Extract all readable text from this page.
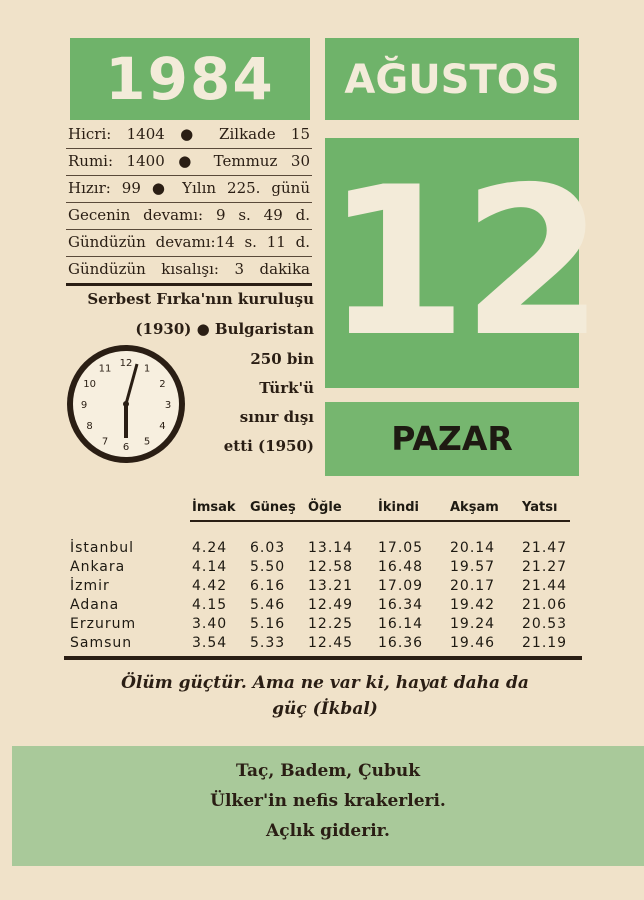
1984	AĞUSTOS
12
PAZAR
Hicri: 1404 ● Zilkade 15
Rumi: 1400 ● Temmuz 30
Hızır: 99 ● Yılın 225. günü
Gecenin devamı: 9 s. 49 d.
Gündüzün devamı:14 s. 11 d.
Gündüzün kısalışı: 3 dakika
Serbest Fırka'nın kuruluşu
(1930) ● Bulgaristan
250 bin
Türk'ü
sınır dışı
etti (1950)
12
1
2
3
4
5
6
7
8
9
10
11
	İmsak	Güneş	Öğle	İkindi	Akşam	Yatsı

İstanbul	4.24	6.03	13.14	17.05	20.14	21.47
Ankara	4.14	5.50	12.58	16.48	19.57	21.27
İzmir	4.42	6.16	13.21	17.09	20.17	21.44
Adana	4.15	5.46	12.49	16.34	19.42	21.06
Erzurum	3.40	5.16	12.25	16.14	19.24	20.53
Samsun	3.54	5.33	12.45	16.36	19.46	21.19
Ölüm güçtür. Ama ne var ki, hayat daha da
güç (İkbal)
Taç, Badem, Çubuk
Ülker'in nefis krakerleri.
Açlık giderir.
